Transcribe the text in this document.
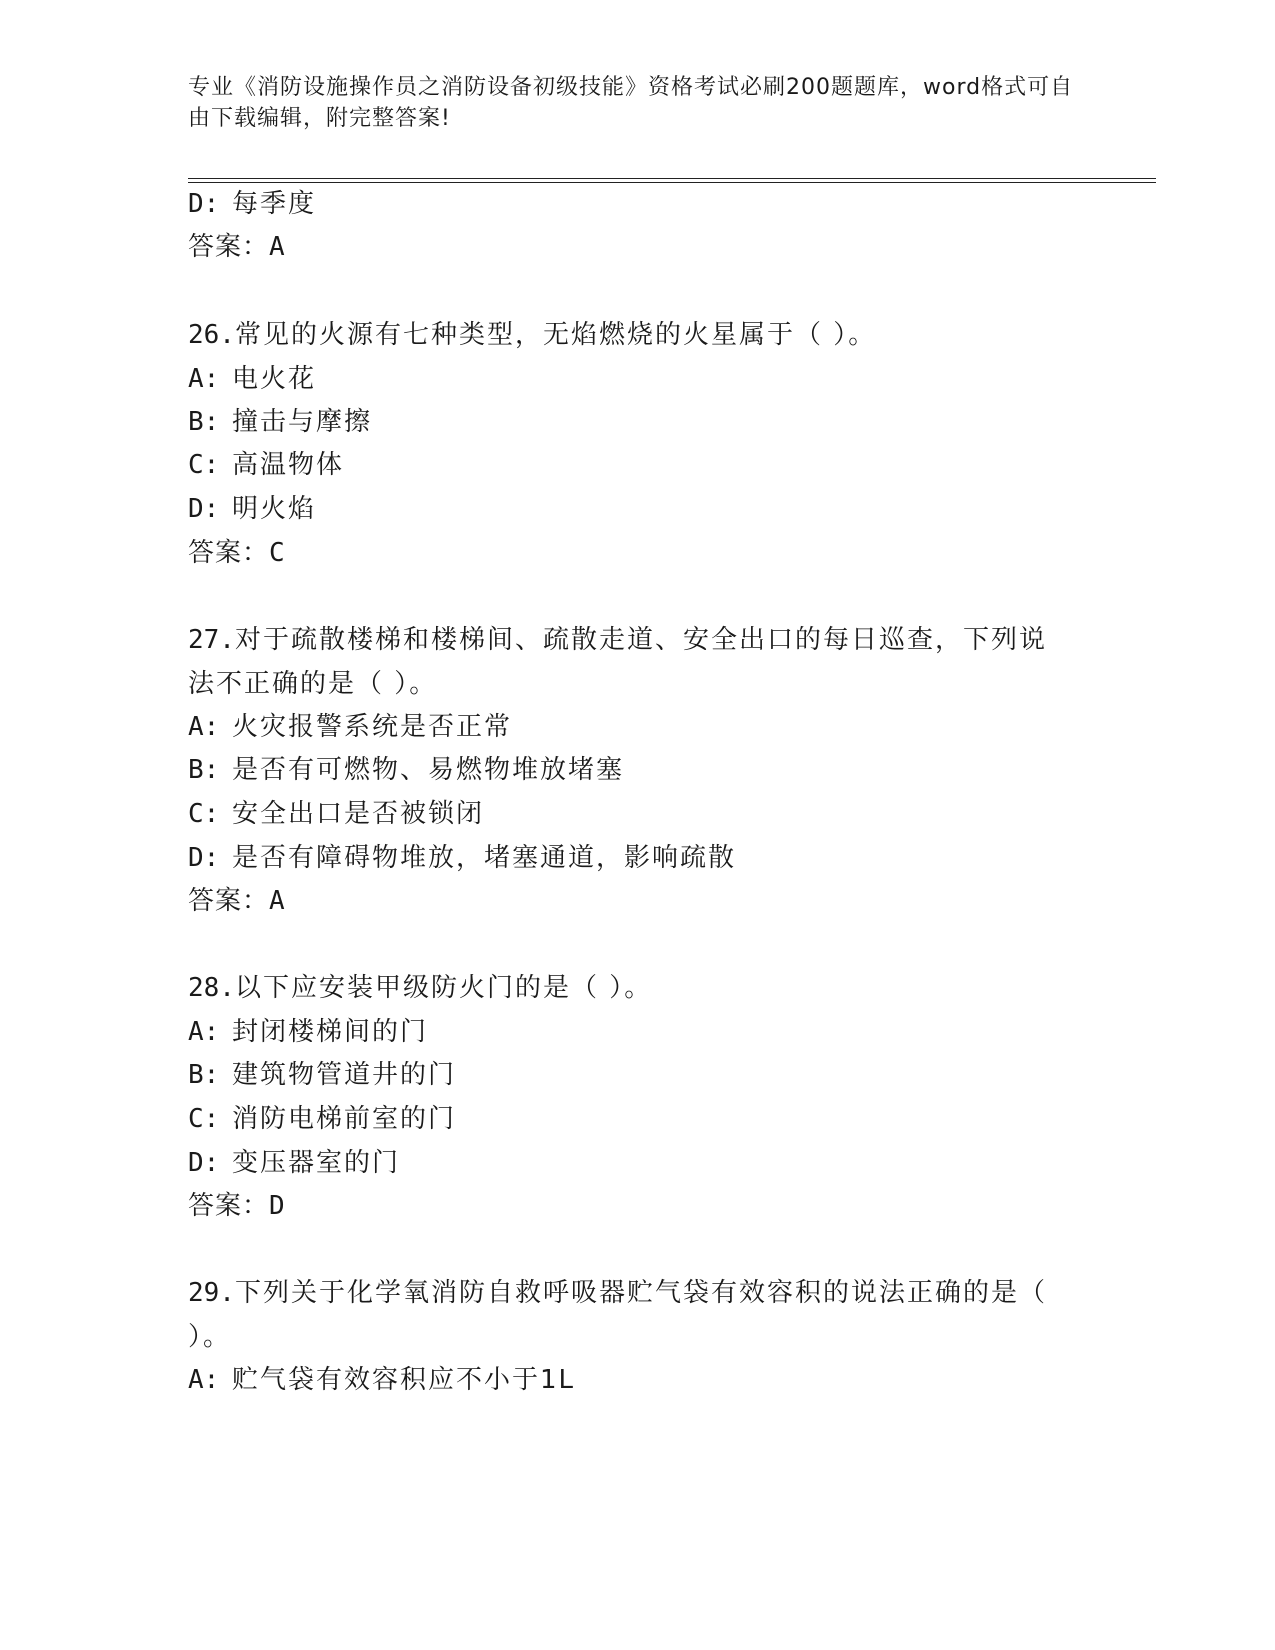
专业《消防设施操作员之消防设备初级技能》资格考试必刷200题题库，word格式可自由下载编辑，附完整答案!
D: 每季度
答案：A
26.常见的火源有七种类型，无焰燃烧的火星属于（ ）。
A: 电火花
B: 撞击与摩擦
C: 高温物体
D: 明火焰
答案：C
27.对于疏散楼梯和楼梯间、疏散走道、安全出口的每日巡查，下列说
法不正确的是（ ）。
A: 火灾报警系统是否正常
B: 是否有可燃物、易燃物堆放堵塞
C: 安全出口是否被锁闭
D: 是否有障碍物堆放，堵塞通道，影响疏散
答案：A
28.以下应安装甲级防火门的是（ ）。
A: 封闭楼梯间的门
B: 建筑物管道井的门
C: 消防电梯前室的门
D: 变压器室的门
答案：D
29.下列关于化学氧消防自救呼吸器贮气袋有效容积的说法正确的是（
）。
A: 贮气袋有效容积应不小于1L
